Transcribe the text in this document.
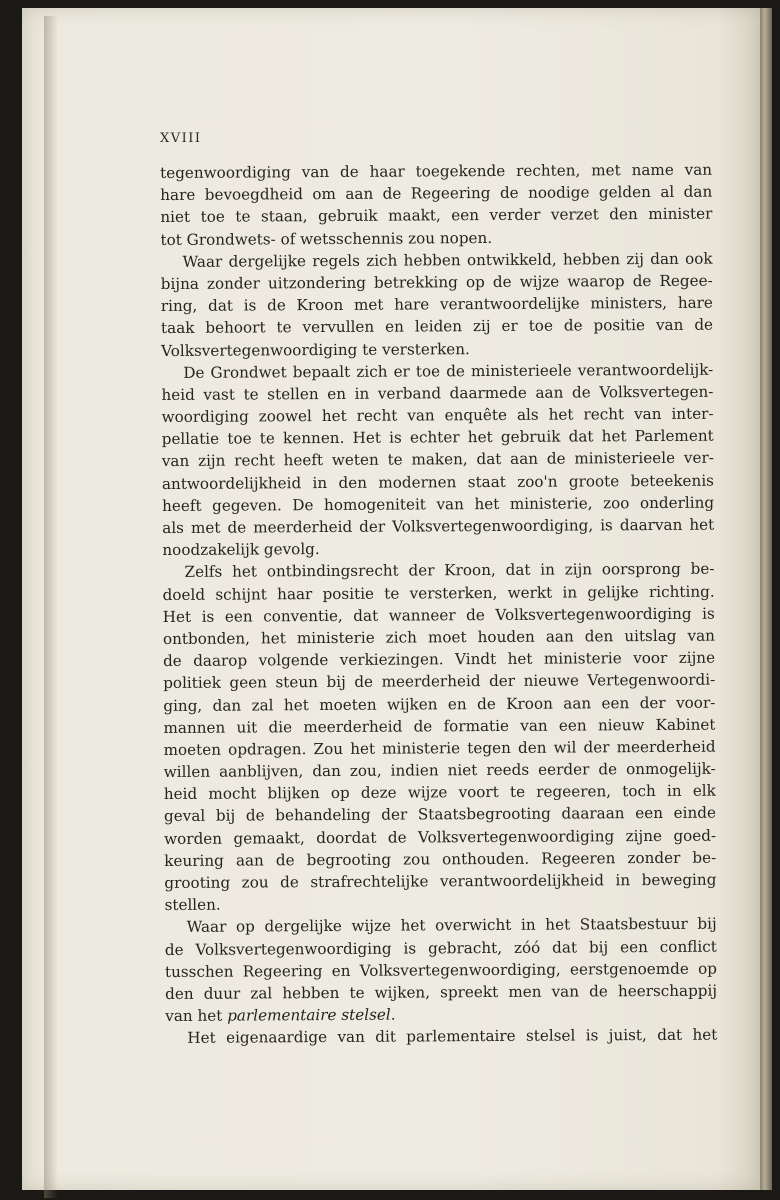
XVIII
tegenwoordiging van de haar toegekende rechten, met name van
hare bevoegdheid om aan de Regeering de noodige gelden al dan
niet toe te staan, gebruik maakt, een verder verzet den minister
tot Grondwets- of wetsschennis zou nopen.
Waar dergelijke regels zich hebben ontwikkeld, hebben zij dan ook
bijna zonder uitzondering betrekking op de wijze waarop de Regee-
ring, dat is de Kroon met hare verantwoordelijke ministers, hare
taak behoort te vervullen en leiden zij er toe de positie van de
Volksvertegenwoordiging te versterken.
De Grondwet bepaalt zich er toe de ministerieele verantwoordelijk-
heid vast te stellen en in verband daarmede aan de Volksvertegen-
woordiging zoowel het recht van enquête als het recht van inter-
pellatie toe te kennen. Het is echter het gebruik dat het Parlement
van zijn recht heeft weten te maken, dat aan de ministerieele ver-
antwoordelijkheid in den modernen staat zoo'n groote beteekenis
heeft gegeven. De homogeniteit van het ministerie, zoo onderling
als met de meerderheid der Volksvertegenwoordiging, is daarvan het
noodzakelijk gevolg.
Zelfs het ontbindingsrecht der Kroon, dat in zijn oorsprong be-
doeld schijnt haar positie te versterken, werkt in gelijke richting.
Het is een conventie, dat wanneer de Volksvertegenwoordiging is
ontbonden, het ministerie zich moet houden aan den uitslag van
de daarop volgende verkiezingen. Vindt het ministerie voor zijne
politiek geen steun bij de meerderheid der nieuwe Vertegenwoordi-
ging, dan zal het moeten wijken en de Kroon aan een der voor-
mannen uit die meerderheid de formatie van een nieuw Kabinet
moeten opdragen. Zou het ministerie tegen den wil der meerderheid
willen aanblijven, dan zou, indien niet reeds eerder de onmogelijk-
heid mocht blijken op deze wijze voort te regeeren, toch in elk
geval bij de behandeling der Staatsbegrooting daaraan een einde
worden gemaakt, doordat de Volksvertegenwoordiging zijne goed-
keuring aan de begrooting zou onthouden. Regeeren zonder be-
grooting zou de strafrechtelijke verantwoordelijkheid in beweging
stellen.
Waar op dergelijke wijze het overwicht in het Staatsbestuur bij
de Volksvertegenwoordiging is gebracht, zóó dat bij een conflict
tusschen Regeering en Volksvertegenwoordiging, eerstgenoemde op
den duur zal hebben te wijken, spreekt men van de heerschappij
van het parlementaire stelsel.
Het eigenaardige van dit parlementaire stelsel is juist, dat het
